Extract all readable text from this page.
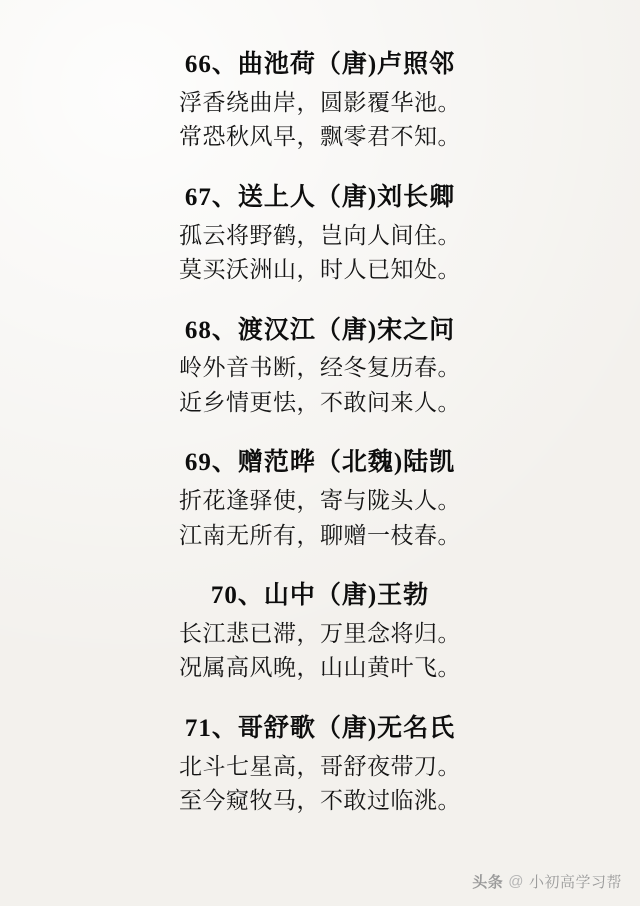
66、曲池荷（唐)卢照邻
浮香绕曲岸，圆影覆华池。
常恐秋风早，飘零君不知。
67、送上人（唐)刘长卿
孤云将野鹤，岂向人间住。
莫买沃洲山，时人已知处。
68、渡汉江（唐)宋之问
岭外音书断，经冬复历春。
近乡情更怯，不敢问来人。
69、赠范晔（北魏)陆凯
折花逢驿使，寄与陇头人。
江南无所有，聊赠一枝春。
70、山中（唐)王勃
长江悲已滞，万里念将归。
况属高风晚，山山黄叶飞。
71、哥舒歌（唐)无名氏
北斗七星高，哥舒夜带刀。
至今窥牧马，不敢过临洮。
头条 @ 小初高学习帮
